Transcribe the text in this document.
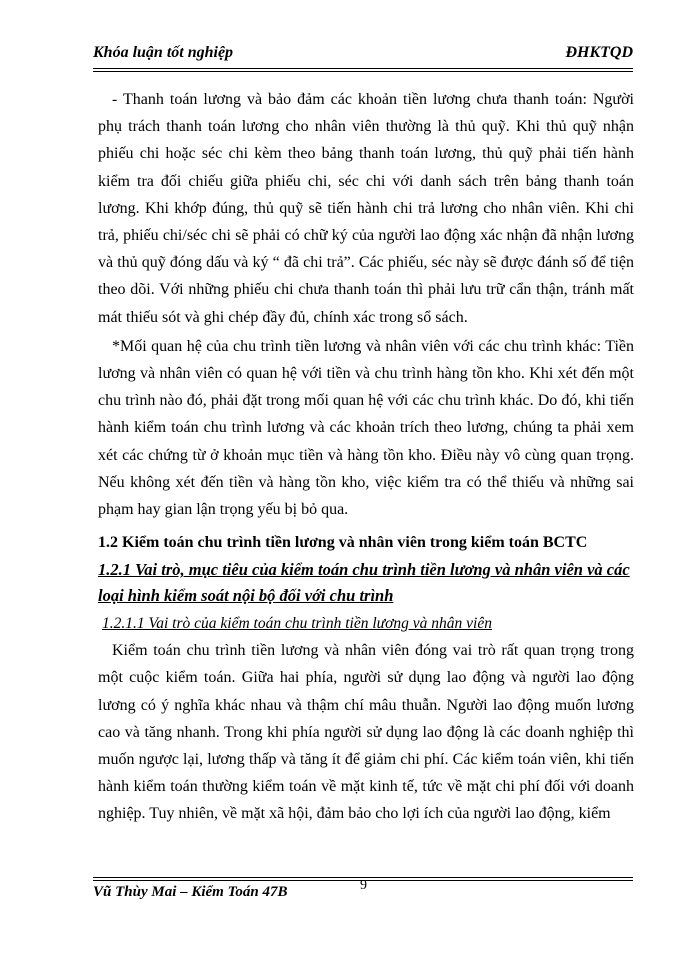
Khóa luận tốt nghiệp	ĐHKTQD

- Thanh toán lương và bảo đảm các khoản tiền lương chưa thanh toán: Người phụ trách thanh toán lương cho nhân viên thường là thủ quỹ. Khi thủ quỹ nhận phiếu chi hoặc séc chi kèm theo bảng thanh toán lương, thủ quỹ phải tiến hành kiểm tra đối chiếu giữa phiếu chi, séc chi với danh sách trên bảng thanh toán lương. Khi khớp đúng, thủ quỹ sẽ tiến hành chi trả lương cho nhân viên. Khi chi trả, phiếu chi/séc chi sẽ phải có chữ ký của người lao động xác nhận đã nhận lương và thủ quỹ đóng dấu và ký “ đã chi trả”. Các phiếu, séc này sẽ được đánh số để tiện theo dõi. Với những phiếu chi chưa thanh toán thì phải lưu trữ cẩn thận, tránh mất mát thiếu sót và ghi chép đầy đủ, chính xác trong sổ sách.

*Mối quan hệ của chu trình tiền lương và nhân viên với các chu trình khác: Tiền lương và nhân viên có quan hệ với tiền và chu trình hàng tồn kho. Khi xét đến một chu trình nào đó, phải đặt trong mối quan hệ với các chu trình khác. Do đó, khi tiến hành kiểm toán chu trình lương và các khoản trích theo lương, chúng ta phải xem xét các chứng từ ở khoản mục tiền và hàng tồn kho. Điều này vô cùng quan trọng. Nếu không xét đến tiền và hàng tồn kho, việc kiểm tra có thể thiếu và những sai phạm hay gian lận trọng yếu bị bỏ qua.

1.2 Kiểm toán chu trình tiền lương và nhân viên trong kiểm toán BCTC
1.2.1 Vai trò, mục tiêu của kiểm toán chu trình tiền lương và nhân viên và các loại hình kiểm soát nội bộ đối với chu trình
1.2.1.1 Vai trò của kiểm toán chu trình tiền lương và nhân viên

Kiểm toán chu trình tiền lương và nhân viên đóng vai trò rất quan trọng trong một cuộc kiểm toán. Giữa hai phía, người sử dụng lao động và người lao động lương có ý nghĩa khác nhau và thậm chí mâu thuẫn. Người lao động muốn lương cao và tăng nhanh. Trong khi phía người sử dụng lao động là các doanh nghiệp thì muốn ngược lại, lương thấp và tăng ít để giảm chi phí. Các kiểm toán viên, khi tiến hành kiểm toán thường kiểm toán về mặt kinh tế, tức về mặt chi phí đối với doanh nghiệp. Tuy nhiên, về mặt xã hội, đảm bảo cho lợi ích của người lao động, kiểm

Vũ Thùy Mai – Kiểm Toán 47B	9
